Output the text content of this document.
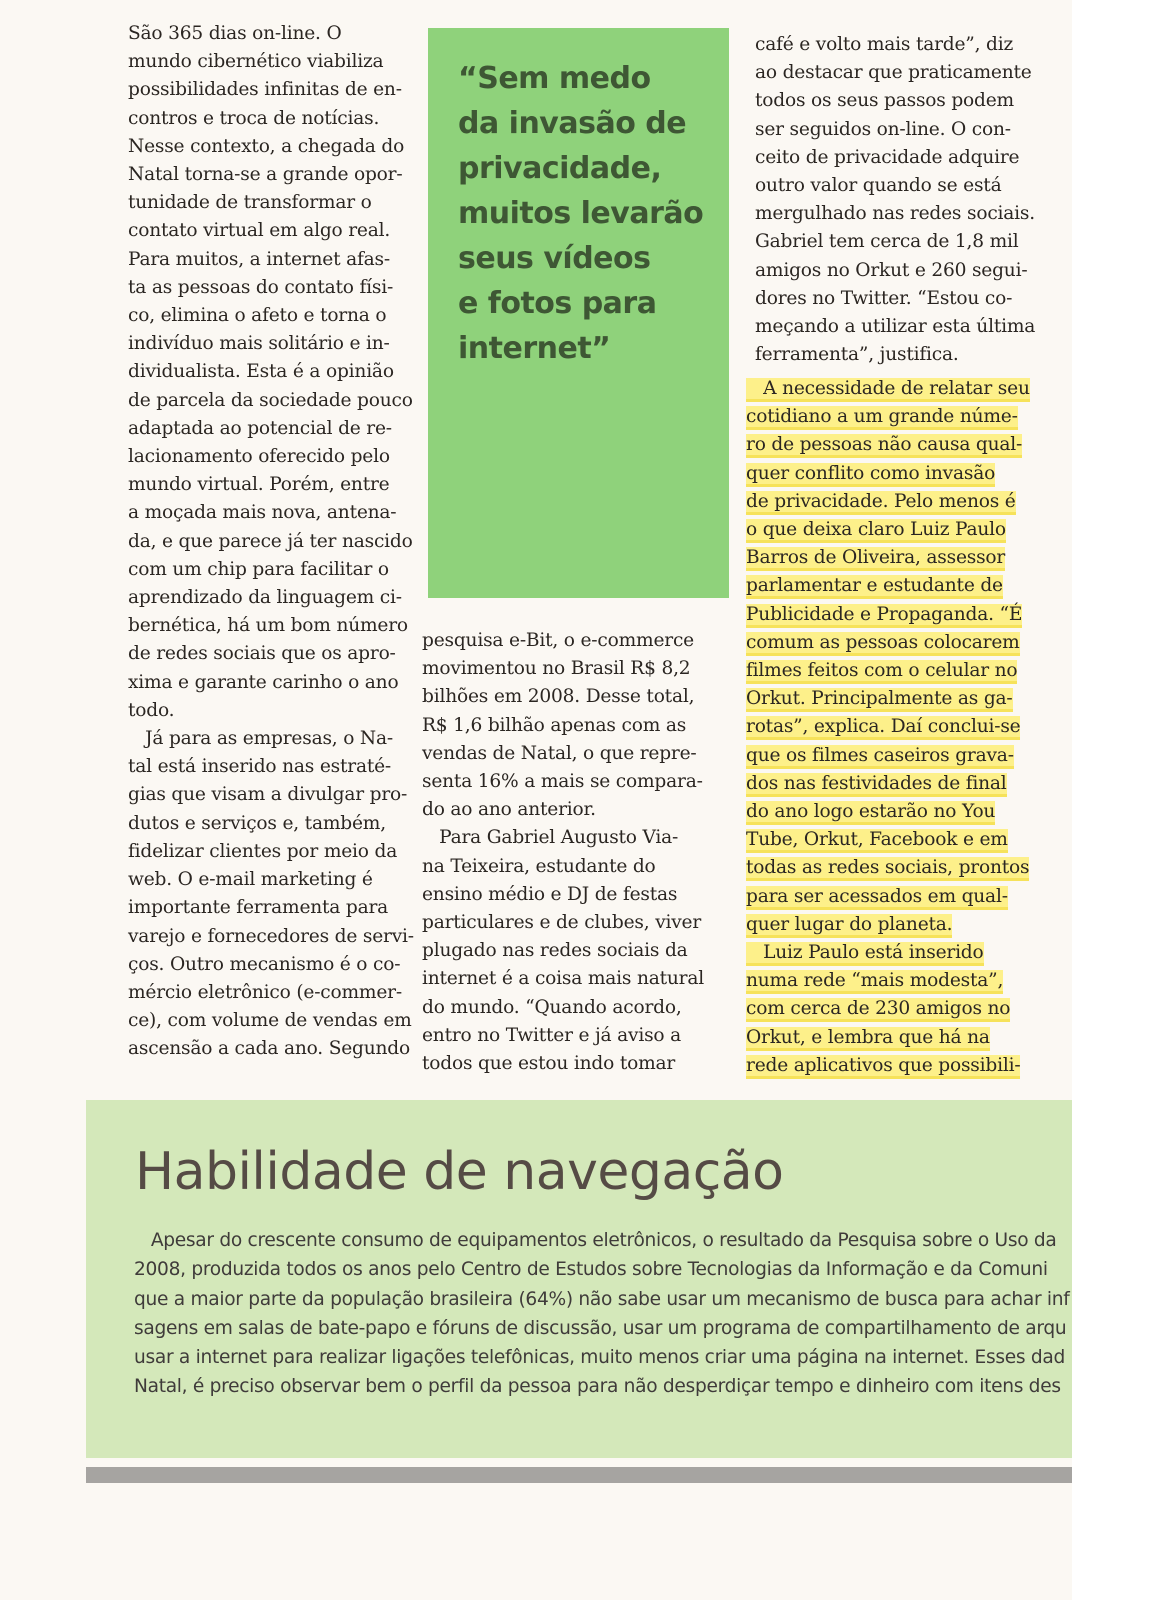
São 365 dias on-line. O
mundo cibernético viabiliza
possibilidades infinitas de en-
contros e troca de notícias.
Nesse contexto, a chegada do
Natal torna-se a grande opor-
tunidade de transformar o
contato virtual em algo real.
Para muitos, a internet afas-
ta as pessoas do contato físi-
co, elimina o afeto e torna o
indivíduo mais solitário e in-
dividualista. Esta é a opinião
de parcela da sociedade pouco
adaptada ao potencial de re-
lacionamento oferecido pelo
mundo virtual. Porém, entre
a moçada mais nova, antena-
da, e que parece já ter nascido
com um chip para facilitar o
aprendizado da linguagem ci-
bernética, há um bom número
de redes sociais que os apro-
xima e garante carinho o ano
todo.
Já para as empresas, o Na-
tal está inserido nas estraté-
gias que visam a divulgar pro-
dutos e serviços e, também,
fidelizar clientes por meio da
web. O e-mail marketing é
importante ferramenta para
varejo e fornecedores de servi-
ços. Outro mecanismo é o co-
mércio eletrônico (e-commer-
ce), com volume de vendas em
ascensão a cada ano. Segundo
“Sem medo
da invasão de
privacidade,
muitos levarão
seus vídeos
e fotos para
internet”
pesquisa e-Bit, o e-commerce
movimentou no Brasil R$ 8,2
bilhões em 2008. Desse total,
R$ 1,6 bilhão apenas com as
vendas de Natal, o que repre-
senta 16% a mais se compara-
do ao ano anterior.
Para Gabriel Augusto Via-
na Teixeira, estudante do
ensino médio e DJ de festas
particulares e de clubes, viver
plugado nas redes sociais da
internet é a coisa mais natural
do mundo. “Quando acordo,
entro no Twitter e já aviso a
todos que estou indo tomar
café e volto mais tarde”, diz
ao destacar que praticamente
todos os seus passos podem
ser seguidos on-line. O con-
ceito de privacidade adquire
outro valor quando se está
mergulhado nas redes sociais.
Gabriel tem cerca de 1,8 mil
amigos no Orkut e 260 segui-
dores no Twitter. “Estou co-
meçando a utilizar esta última
ferramenta”, justifica.
A necessidade de relatar seu
cotidiano a um grande núme-
ro de pessoas não causa qual-
quer conflito como invasão
de privacidade. Pelo menos é
o que deixa claro Luiz Paulo
Barros de Oliveira, assessor
parlamentar e estudante de
Publicidade e Propaganda. “É
comum as pessoas colocarem
filmes feitos com o celular no
Orkut. Principalmente as ga-
rotas”, explica. Daí conclui-se
que os filmes caseiros grava-
dos nas festividades de final
do ano logo estarão no You
Tube, Orkut, Facebook e em
todas as redes sociais, prontos
para ser acessados em qual-
quer lugar do planeta.
Luiz Paulo está inserido
numa rede “mais modesta”,
com cerca de 230 amigos no
Orkut, e lembra que há na
rede aplicativos que possibili-
Habilidade de navegação

Apesar do crescente consumo de equipamentos eletrônicos, o resultado da Pesquisa sobre o Uso da

2008, produzida todos os anos pelo Centro de Estudos sobre Tecnologias da Informação e da Comuni

que a maior parte da população brasileira (64%) não sabe usar um mecanismo de busca para achar inf

sagens em salas de bate-papo e fóruns de discussão, usar um programa de compartilhamento de arqu

usar a internet para realizar ligações telefônicas, muito menos criar uma página na internet. Esses dad

Natal, é preciso observar bem o perfil da pessoa para não desperdiçar tempo e dinheiro com itens des
